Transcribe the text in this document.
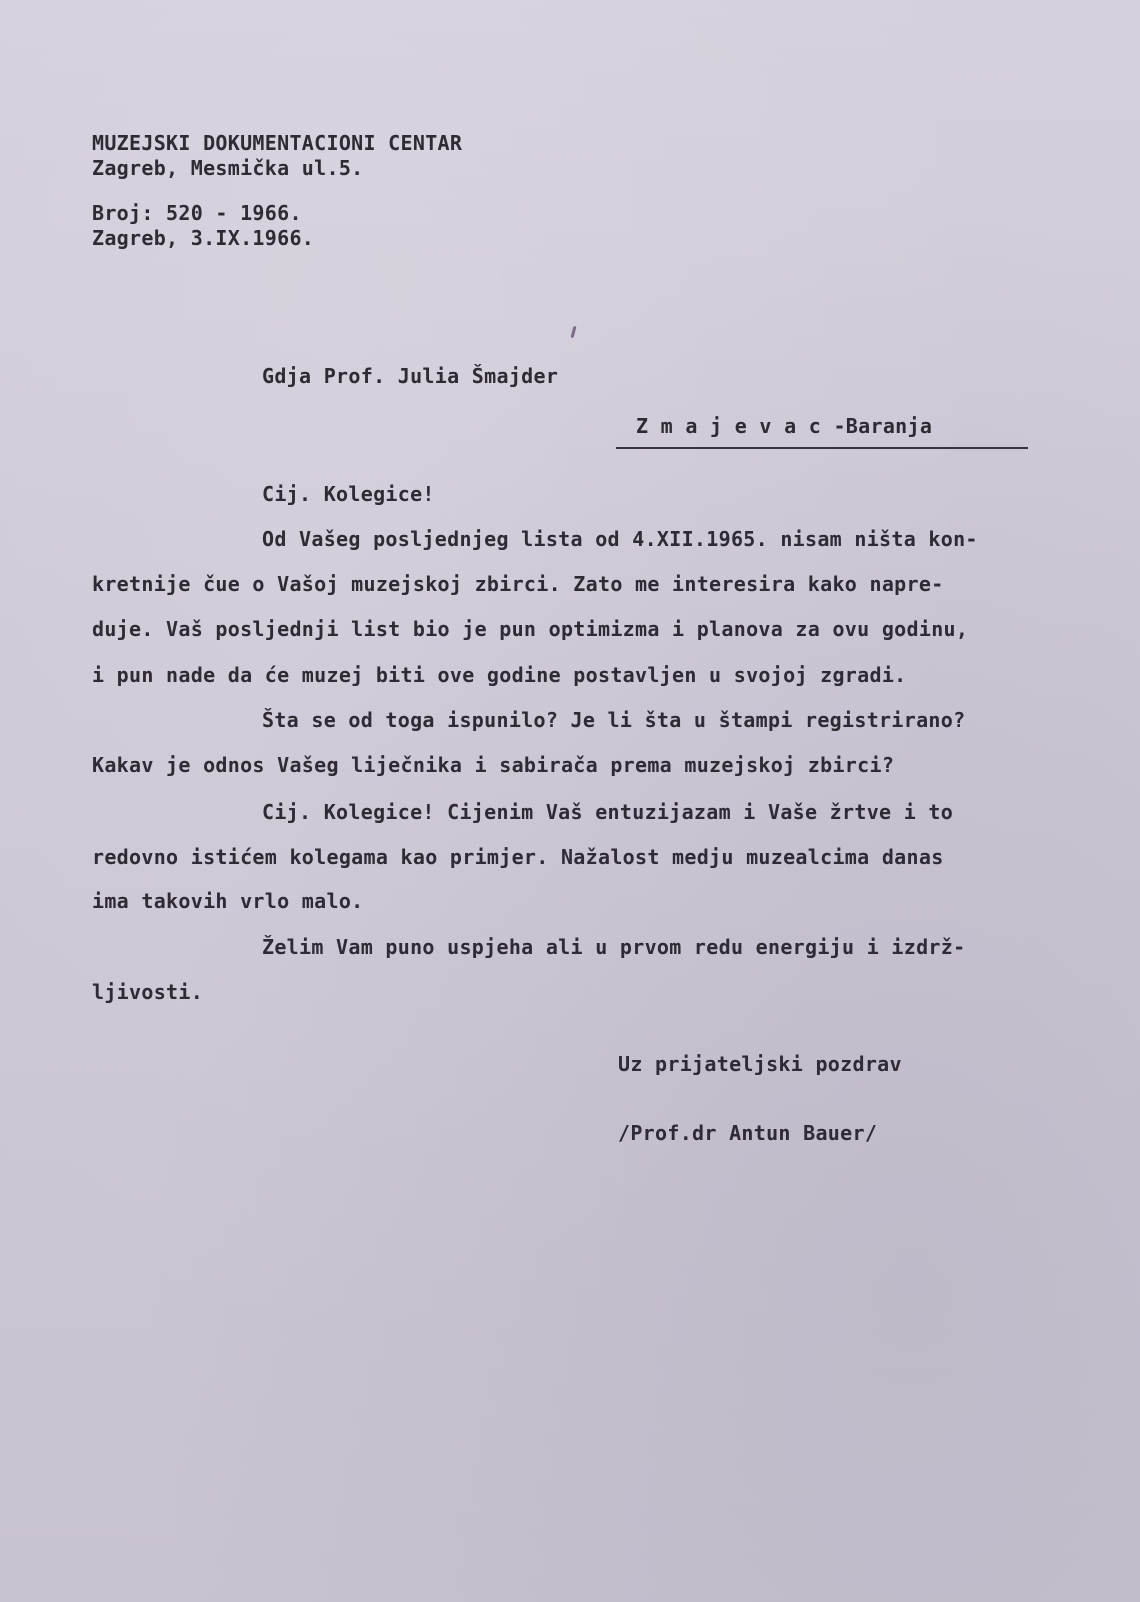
MUZEJSKI DOKUMENTACIONI CENTAR
Zagreb, Mesmička ul.5.
Broj: 520 - 1966.
Zagreb, 3.IX.1966.
Gdja Prof. Julia Šmajder
Z m a j e v a c -Baranja
Cij. Kolegice!
Od Vašeg posljednjeg lista od 4.XII.1965. nisam ništa kon-
kretnije čue o Vašoj muzejskoj zbirci. Zato me interesira kako napre-
duje. Vaš posljednji list bio je pun optimizma i planova za ovu godinu,
i pun nade da će muzej biti ove godine postavljen u svojoj zgradi.
Šta se od toga ispunilo? Je li šta u štampi registrirano?
Kakav je odnos Vašeg liječnika i sabirača prema muzejskoj zbirci?
Cij. Kolegice! Cijenim Vaš entuzijazam i Vaše žrtve i to
redovno istićem kolegama kao primjer. Nažalost medju muzealcima danas
ima takovih vrlo malo.
Želim Vam puno uspjeha ali u prvom redu energiju i izdrž-
ljivosti.
Uz prijateljski pozdrav
/Prof.dr Antun Bauer/
